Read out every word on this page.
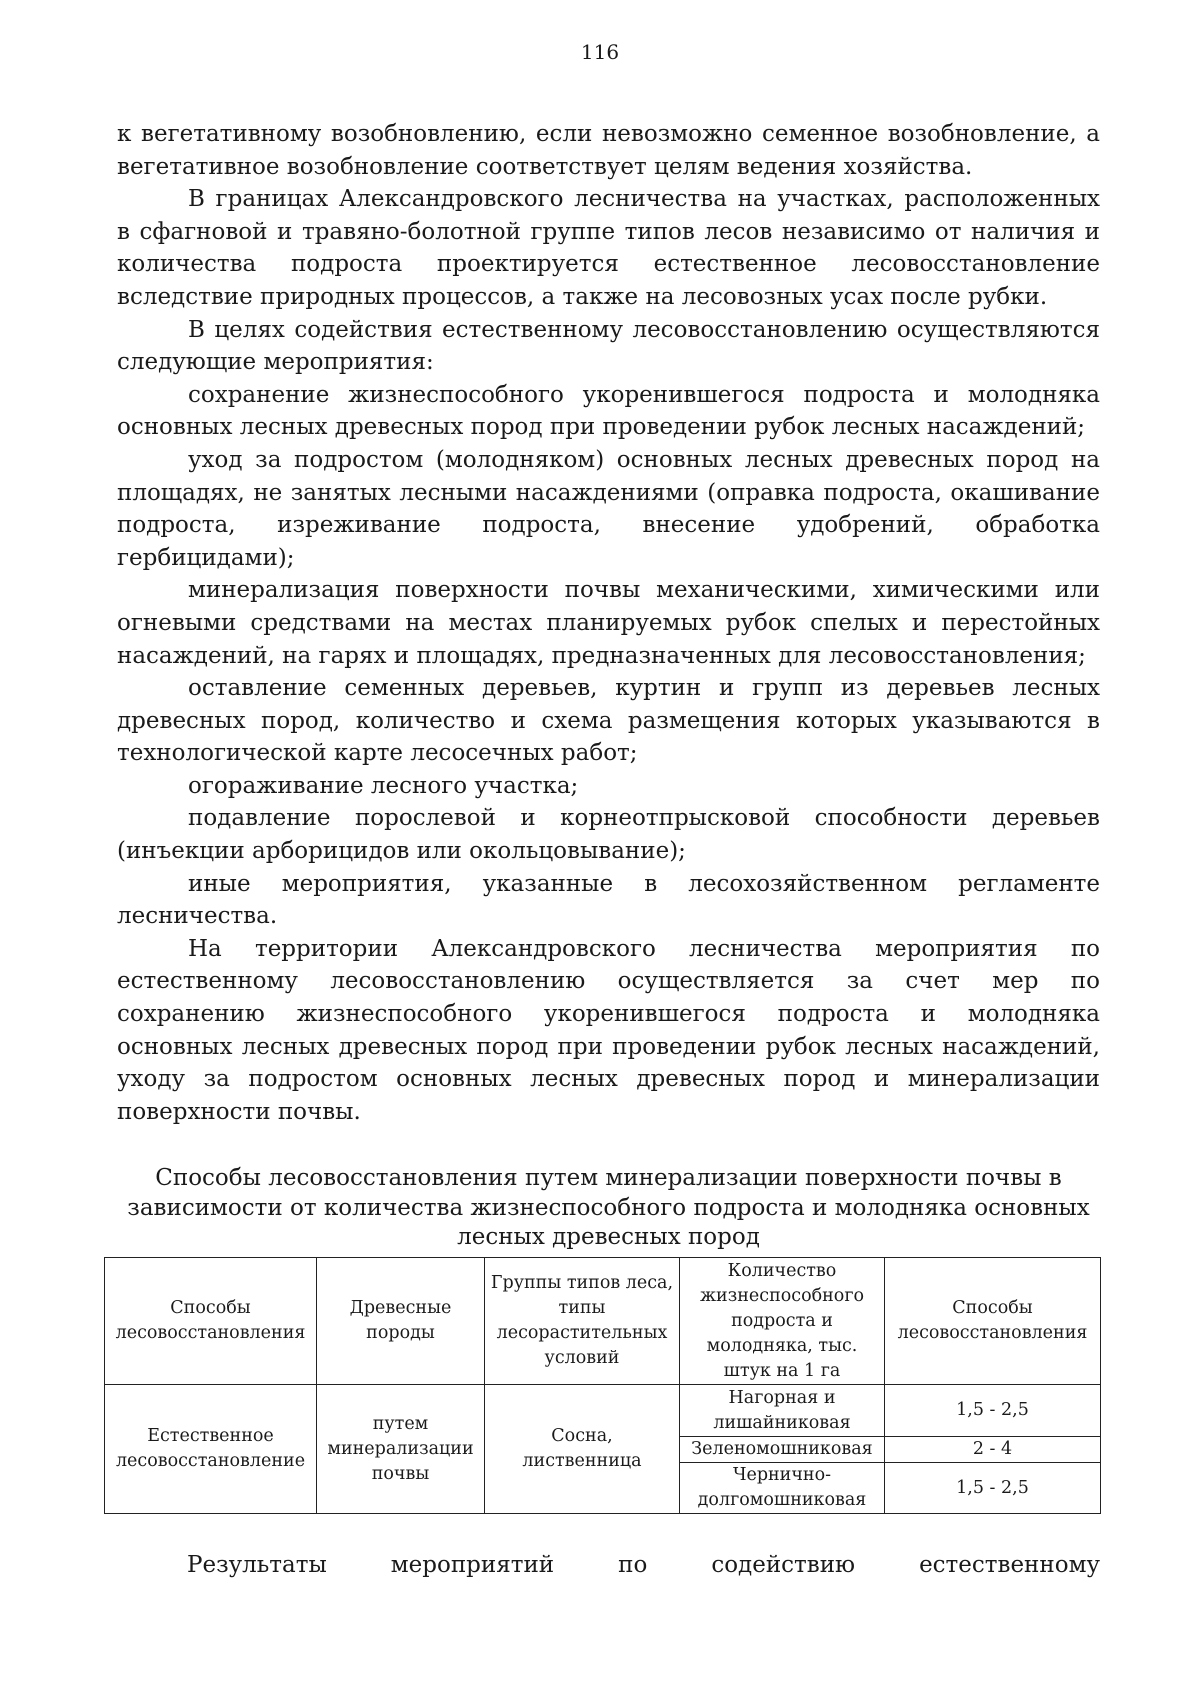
116

к вегетативному возобновлению, если невозможно семенное возобновление, а вегетативное возобновление соответствует целям ведения хозяйства.

В границах Александровского лесничества на участках, расположенных в сфагновой и травяно-болотной группе типов лесов независимо от наличия и количества подроста проектируется естественное лесовосстановление вследствие природных процессов, а также на лесовозных усах после рубки.

В целях содействия естественному лесовосстановлению осуществляются следующие мероприятия:

сохранение жизнеспособного укоренившегося подроста и молодняка основных лесных древесных пород при проведении рубок лесных насаждений;

уход за подростом (молодняком) основных лесных древесных пород на площадях, не занятых лесными насаждениями (оправка подроста, окашивание подроста, изреживание подроста, внесение удобрений, обработка гербицидами);

минерализация поверхности почвы механическими, химическими или огневыми средствами на местах планируемых рубок спелых и перестойных насаждений, на гарях и площадях, предназначенных для лесовосстановления;

оставление семенных деревьев, куртин и групп из деревьев лесных древесных пород, количество и схема размещения которых указываются в технологической карте лесосечных работ;

огораживание лесного участка;

подавление порослевой и корнеотпрысковой способности деревьев (инъекции арборицидов или окольцовывание);

иные мероприятия, указанные в лесохозяйственном регламенте лесничества.

На территории Александровского лесничества мероприятия по естественному лесовосстановлению осуществляется за счет мер по сохранению жизнеспособного укоренившегося подроста и молодняка основных лесных древесных пород при проведении рубок лесных насаждений, уходу за подростом основных лесных древесных пород и минерализации поверхности почвы.

Способы лесовосстановления путем минерализации поверхности почвы в зависимости от количества жизнеспособного подроста и молодняка основных лесных древесных пород
Способы лесовосстановления	Древесные породы	Группы типов леса, типы лесорастительных условий	Количество жизнеспособного подроста и молодняка, тыс. штук на 1 га	Способы лесовосстановления
Естественное лесовосстановление	путем минерализации почвы	Сосна, лиственница	Нагорная и лишайниковая	1,5 - 2,5
			Зеленомошниковая	2 - 4
			Чернично-долгомошниковая	1,5 - 2,5
Результаты	мероприятий	по	содействию	естественному
